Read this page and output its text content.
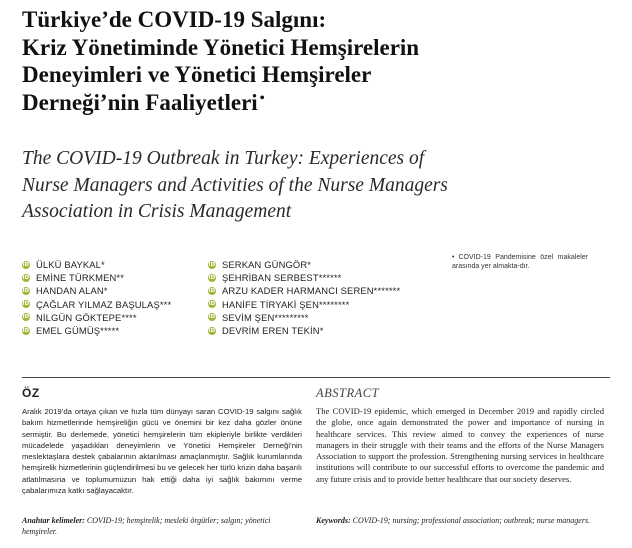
Türkiye’de COVID-19 Salgını:
Kriz Yönetiminde Yönetici Hemşirelerin
Deneyimleri ve Yönetici Hemşireler
Derneği’nin Faaliyetleri •
The COVID-19 Outbreak in Turkey: Experiences of
Nurse Managers and Activities of the Nurse Managers
Association in Crisis Management
iD ÜLKÜ BAYKAL*
iD EMİNE TÜRKMEN**
iD HANDAN ALAN*
iD ÇAĞLAR YILMAZ BAŞULAŞ***
iD NİLGÜN GÖKTEPE****
iD EMEL GÜMÜŞ*****
iD SERKAN GÜNGÖR*
iD ŞEHRİBAN SERBEST******
iD ARZU KADER HARMANCI SEREN*******
iD HANİFE TİRYAKİ ŞEN********
iD SEVİM ŞEN*********
iD DEVRİM EREN TEKİN*
• COVID-19 Pandemisine özel makaleler arasında yer almakta-dır.
ÖZ	ABSTRACT
Aralık 2019’da ortaya çıkan ve hızla tüm dünyayı saran COVID-19 salgını sağlık bakım hizmetlerinde hemşireliğin gücü ve önemini bir kez daha gözler önüne sermiştir. Bu derlemede, yönetici hemşirelerin tüm ekipleriyle birlikte verdikleri mücadelede yaşadıkları deneyimlerin ve Yönetici Hemşireler Derneği’nin meslektaşlara destek çabalarının aktarılması amaçlanmıştır. Sağlık kurumlarında hemşirelik hizmetlerinin güçlendirilmesi bu ve gelecek her türlü krizin daha başarılı atlatılmasına ve toplumumuzun hak ettiği daha iyi sağlık bakımını verme çabalarımıza katkı sağlayacaktır.
The COVID-19 epidemic, which emerged in December 2019 and rapidly circled the globe, once again demonstrated the power and importance of nursing in healthcare services. This review aimed to convey the experiences of nurse managers in their struggle with their teams and the efforts of the Nurse Managers Association to support the profession. Strengthening nursing services in healthcare institutions will contribute to our successful efforts to overcome the pandemic and any future crisis and to provide better healthcare that our society deserves.
Anahtar kelimeler: COVID-19; hemşirelik; mesleki örgütler; salgın; yönetici hemşireler.
Keywords: COVID-19; nursing; professional association; outbreak; nurse managers.
